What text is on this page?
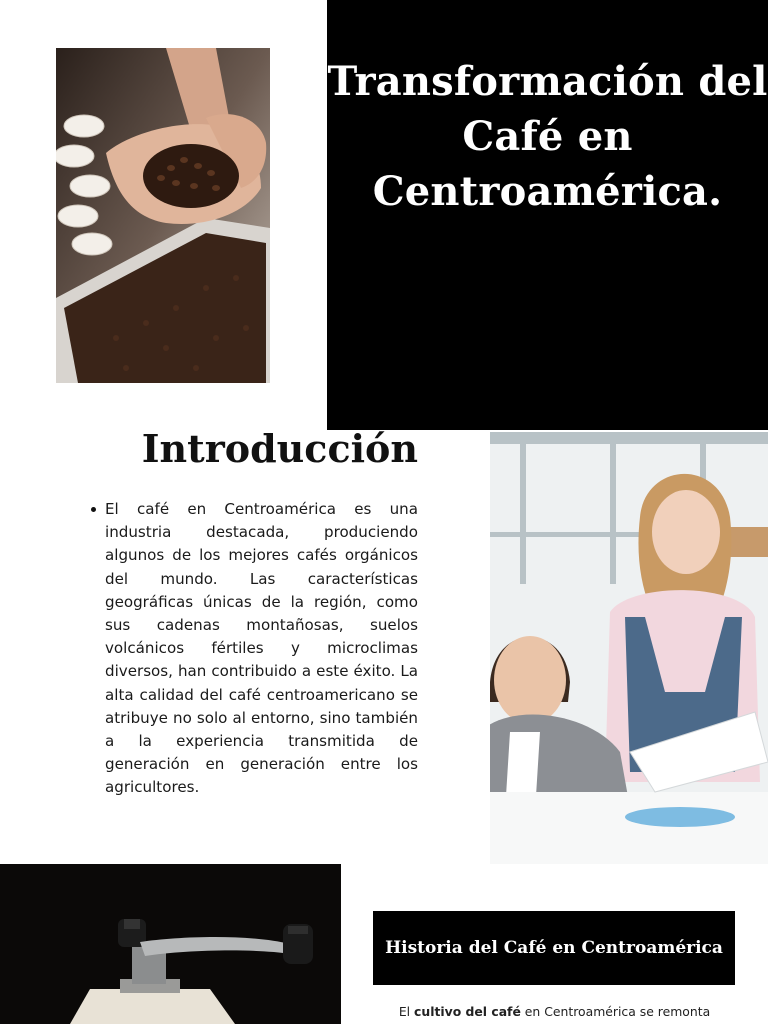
Transformación del Café en Centroamérica.
Introducción
El café en Centroamérica es una industria destacada, produciendo algunos de los mejores cafés orgánicos del mundo. Las características geográficas únicas de la región, como sus cadenas montañosas, suelos volcánicos fértiles y microclimas diversos, han contribuido a este éxito. La alta calidad del café centroamericano se atribuye no solo al entorno, sino también a la experiencia transmitida de generación en generación entre los agricultores.
Historia del Café en Centroamérica
El cultivo del café en Centroamérica se remonta
